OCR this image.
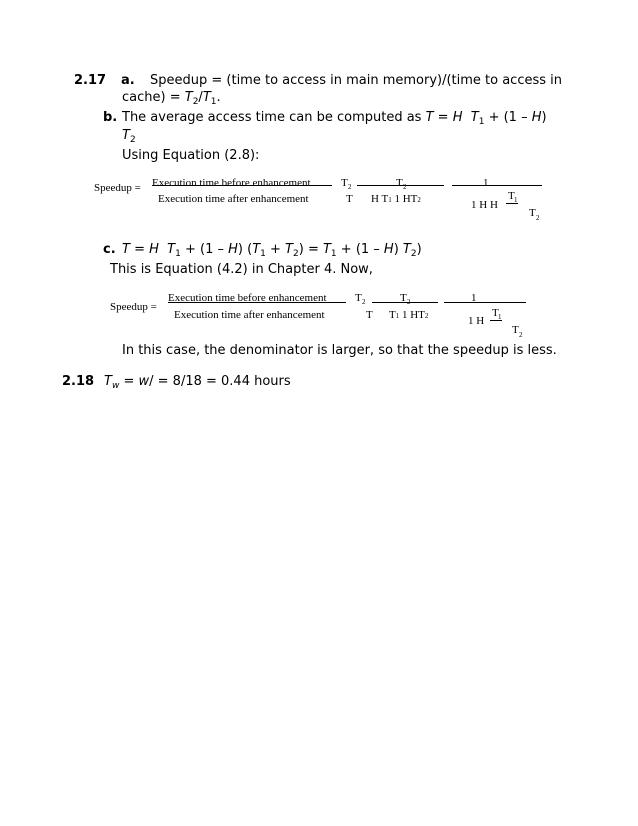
2.17 a. Speedup = (time to access in main memory)/(time to access in
cache) = $T_2/T_1$.
b. The average access time can be computed as T = H $T_1 + (1 - H)$
$T_2$
Using Equation (2.8):
Speedup = Execution time before enhancement
Execution time after enhancement
T 2
T
T 2
H T1 1 HT2
1
1 H H
T 1
T 2
c. T = H $T_1 + (1 - H) (T_1 + T_2) = T_1 + (1 - H)$ $T_2$)
This is Equation (4.2) in Chapter 4. Now,
Speedup =
Execution time before enhancement
Execution time after enhancement
T 2
T
T 2
T1 1 HT2
1
1 H
T 1
T 2
In this case, the denominator is larger, so that the speedup is less.
2.18 $T_w = w/ = 8/18 = 0.44$ hours
